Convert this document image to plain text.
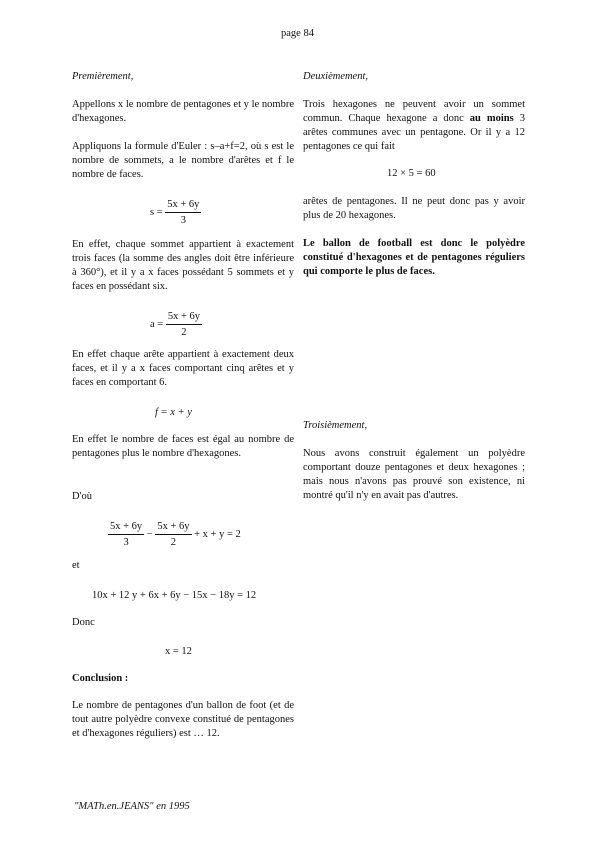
page 84
Premièrement,
Appellons x le nombre de pentagones et y le nombre d'hexagones.
Appliquons la formule d'Euler : s–a+f=2, où s est le nombre de sommets, a le nombre d'arêtes et f le nombre de faces.
$s = \frac{5x + 6y}{3}$
En effet, chaque sommet appartient à exactement trois faces (la somme des angles doit être inférieure à 360°), et il y a x faces possédant 5 sommets et y faces en possédant six.
$a = \frac{5x + 6y}{2}$
En effet chaque arête appartient à exactement deux faces, et il y a x faces comportant cinq arêtes et y faces en comportant 6.
f = x + y
En effet le nombre de faces est égal au nombre de pentagones plus le nombre d'hexagones.
D'où
$\frac{5x + 6y}{3} - \frac{5x + 6y}{2} + x + y = 2$
et
10x + 12 y + 6x + 6y − 15x − 18y = 12
Donc
x = 12
Conclusion :
Le nombre de pentagones d'un ballon de foot (et de tout autre polyèdre convexe constitué de pentagones et d'hexagones réguliers) est … 12.
Deuxièmement,
Trois hexagones ne peuvent avoir un sommet commun. Chaque hexagone a donc au moins 3 arêtes communes avec un pentagone. Or il y a 12 pentagones ce qui fait
12 × 5 = 60
arêtes de pentagones. Il ne peut donc pas y avoir plus de 20 hexagones.
Le ballon de football est donc le polyèdre constitué d'hexagones et de pentagones réguliers qui comporte le plus de faces.
Troisièmement,
Nous avons construit également un polyèdre comportant douze pentagones et deux hexagones ; mais nous n'avons pas prouvé son existence, ni montré qu'il n'y en avait pas d'autres.
"MATh.en.JEANS" en 1995
